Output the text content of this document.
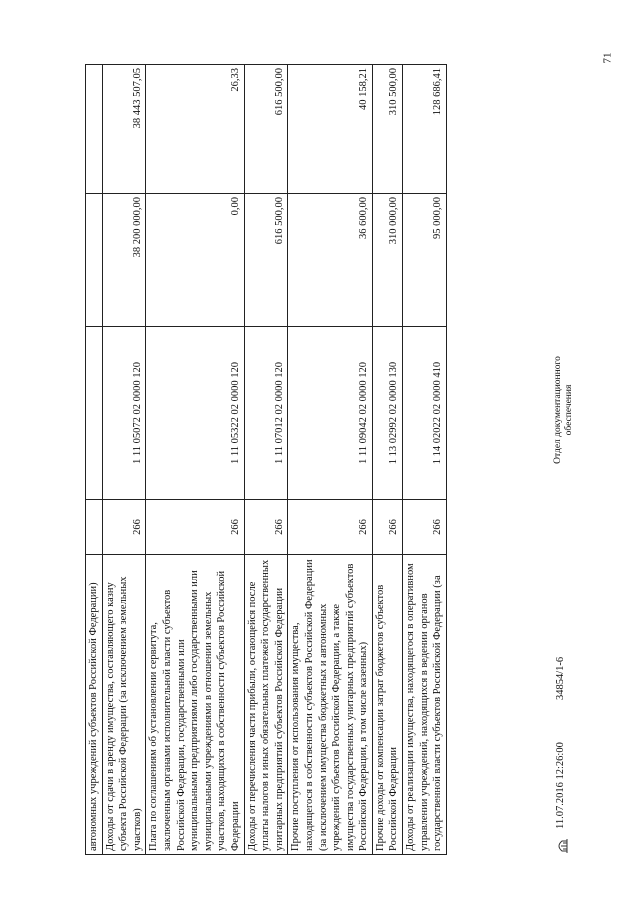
71
автономных учреждений субъектов Российской Федерации)				
Доходы от сдачи в аренду имущества, составляющего казну субъекта Российской Федерации (за исключением земельных участков)	266	1 11 05072 02 0000 120	38 200 000,00	38 443 507,05
Плата по соглашениям об установлении сервитута, заключенным органами исполнительной власти субъектов Российской Федерации, государственными или муниципальными предприятиями либо государственными или муниципальными учреждениями в отношении земельных участков, находящихся в собственности субъектов Российской Федерации	266	1 11 05322 02 0000 120	0,00	26,33
Доходы от перечисления части прибыли, остающейся после уплаты налогов и иных обязательных платежей государственных унитарных предприятий субъектов Российской Федерации	266	1 11 07012 02 0000 120	616 500,00	616 500,00
Прочие поступления от использования имущества, находящегося в собственности субъектов Российской Федерации (за исключением имущества бюджетных и автономных учреждений субъектов Российской Федерации, а также имущества государственных унитарных предприятий субъектов Российской Федерации, в том числе казенных)	266	1 11 09042 02 0000 120	36 600,00	40 158,21
Прочие доходы от компенсации затрат бюджетов субъектов Российской Федерации	266	1 13 02992 02 0000 130	310 000,00	310 500,00
Доходы от реализации имущества, находящегося в оперативном управлении учреждений, находящихся в ведении органов государственной власти субъектов Российской Федерации (за	266	1 14 02022 02 0000 410	95 000,00	128 686,41
11.07.2016 12:26:00
34854/1-6
Отдел документационного обеспечения
